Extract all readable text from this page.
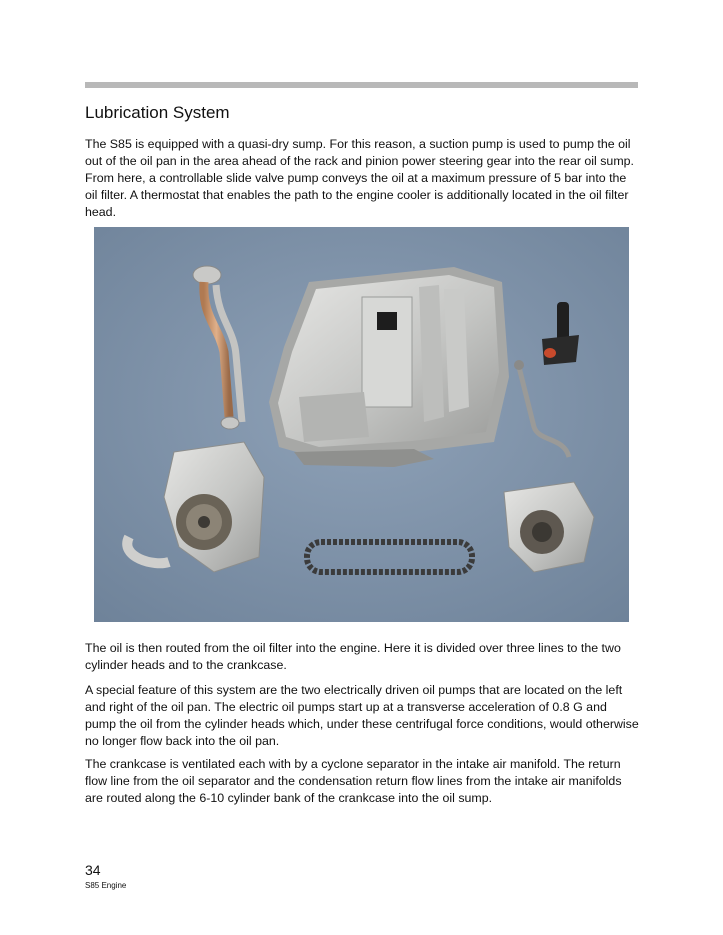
Lubrication System

The S85 is equipped with a quasi-dry sump. For this reason, a suction pump is used to pump the oil out of the oil pan in the area ahead of the rack and pinion power steering gear into the rear oil sump. From here, a controllable slide valve pump conveys the oil at a maximum pressure of 5 bar into the oil filter. A thermostat that enables the path to the engine cooler is additionally located in the oil filter head.

The oil is then routed from the oil filter into the engine. Here it is divided over three lines to the two cylinder heads and to the crankcase.

A special feature of this system are the two electrically driven oil pumps that are located on the left and right of the oil pan. The electric oil pumps start up at a transverse acceleration of 0.8 G and pump the oil from the cylinder heads which, under these centrifugal force conditions, would otherwise no longer flow back into the oil pan.

The crankcase is ventilated each with by a cyclone separator in the intake air manifold. The return flow line from the oil separator and the condensation return flow lines from the intake air manifolds are routed along the 6-10 cylinder bank of the crankcase into the oil sump.

34
S85 Engine
